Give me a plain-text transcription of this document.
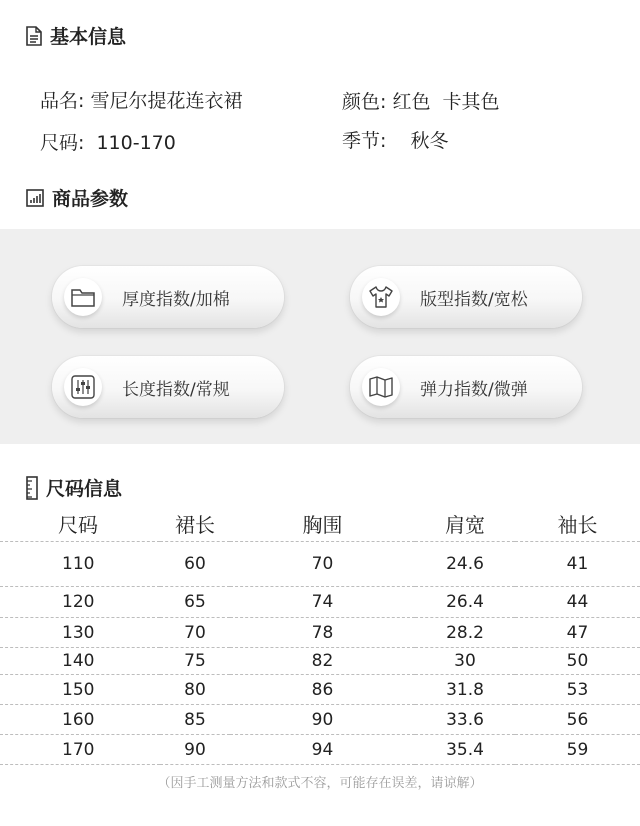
基本信息
品名: 雪尼尔提花连衣裙	颜色: 红色  卡其色
尺码: 110-170	季节: 秋冬
商品参数
厚度指数/加棉	版型指数/宽松
长度指数/常规	弹力指数/微弹
尺码信息
尺码	裙长	胸围	肩宽	袖长
110	60	70	24.6	41
120	65	74	26.4	44
130	70	78	28.2	47
140	75	82	30	50
150	80	86	31.8	53
160	85	90	33.6	56
170	90	94	35.4	59
（因手工测量方法和款式不容，可能存在误差，请谅解）
